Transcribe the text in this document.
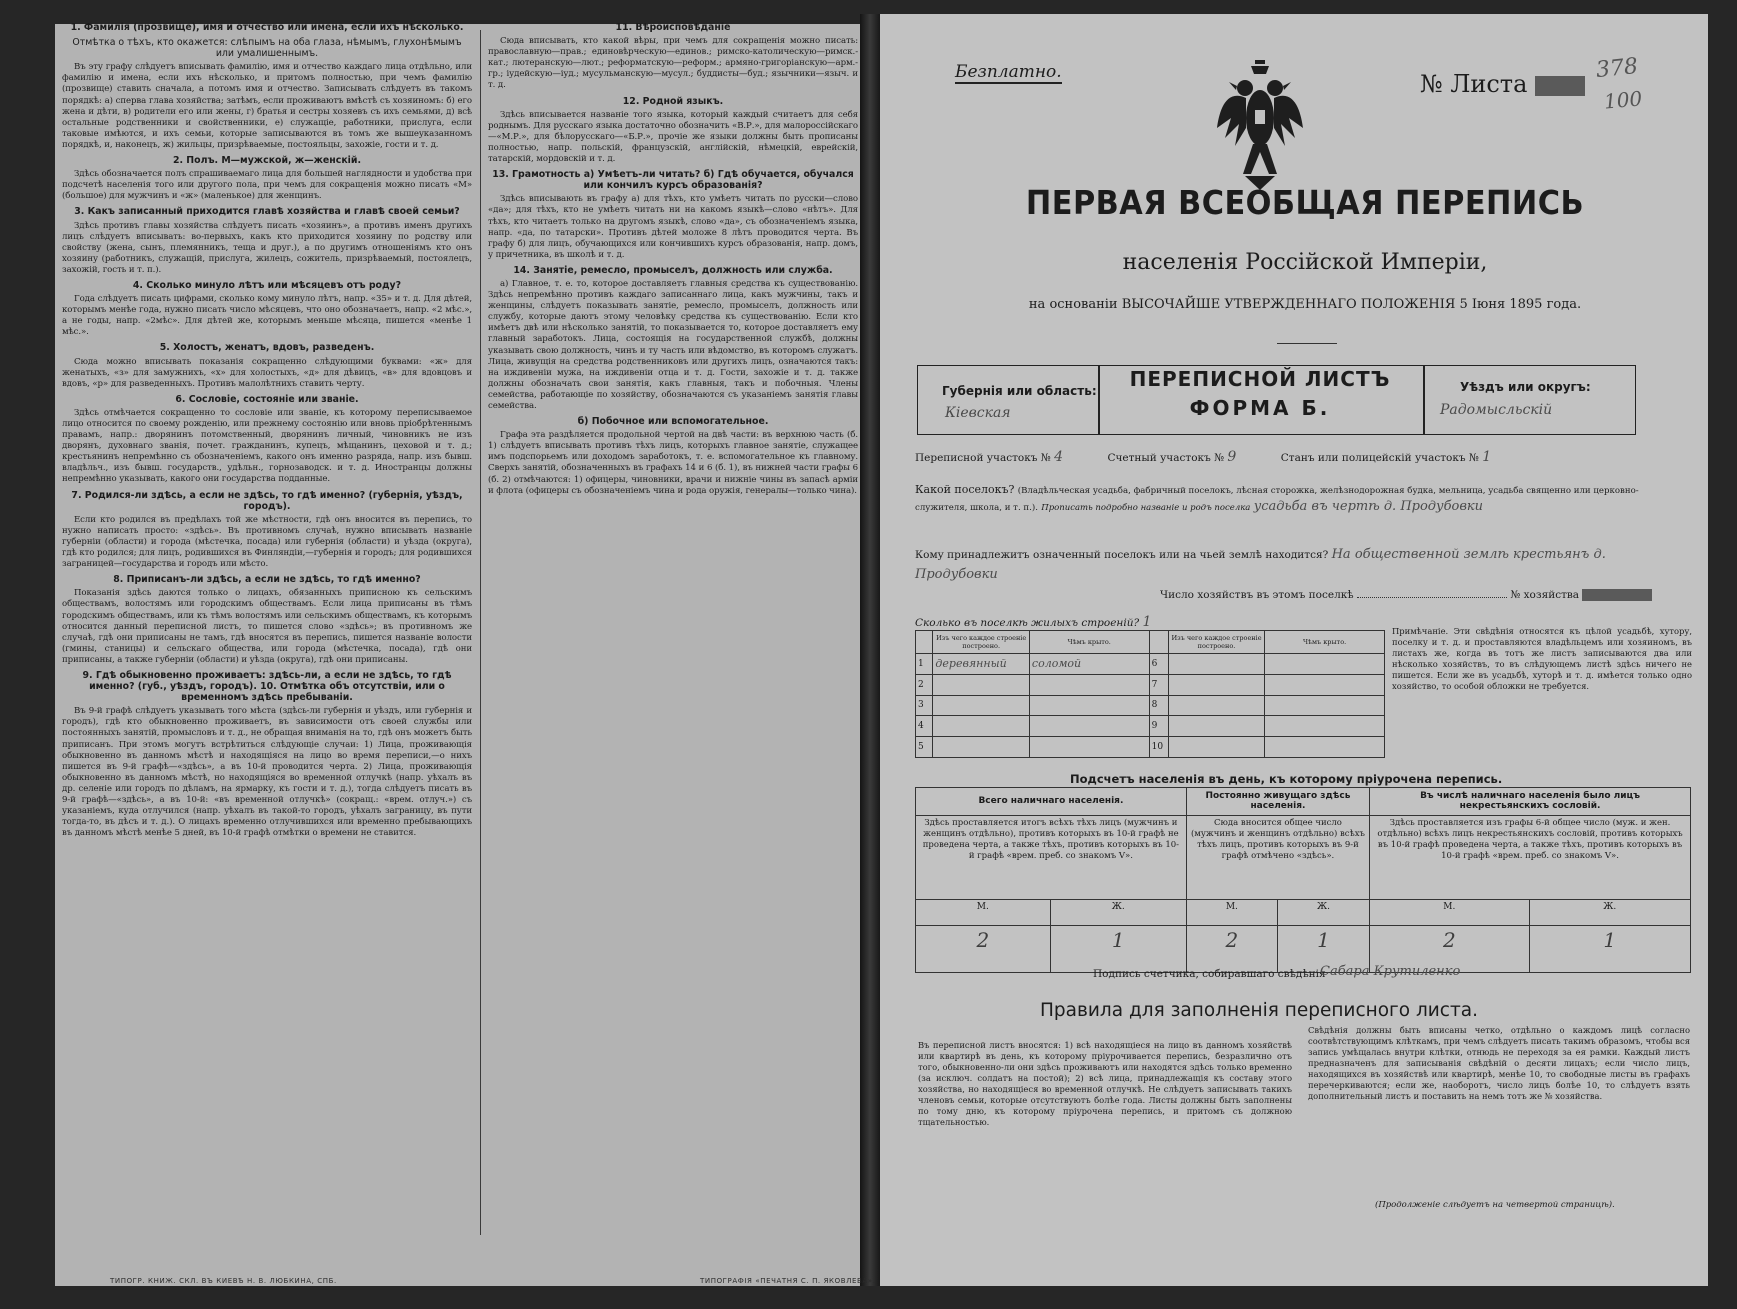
1. Фамилія (прозвище), имя и отчество или имена, если ихъ нѣсколько.
Отмѣтка о тѣхъ, кто окажется: слѣпымъ на оба глаза, нѣмымъ, глухонѣмымъ или умалишеннымъ.
Въ эту графу слѣдуетъ вписывать фамилію, имя и отчество каждаго лица отдѣльно, или фамилію и имена, если ихъ нѣсколько, и притомъ полностью, при чемъ фамилію (прозвище) ставить сначала, а потомъ имя и отчество. Записывать слѣдуетъ въ такомъ порядкѣ: а) сперва глава хозяйства; затѣмъ, если проживаютъ вмѣстѣ съ хозяиномъ: б) его жена и дѣти, в) родители его или жены, г) братья и сестры хозяевъ съ ихъ семьями, д) всѣ остальные родственники и свойственники, е) служащіе, работники, прислуга, если таковые имѣются, и ихъ семьи, которые записываются въ томъ же вышеуказанномъ порядкѣ, и, наконецъ, ж) жильцы, призрѣваемые, постояльцы, захожіе, гости и т. д.
2. Полъ. М—мужской, ж—женскій.
Здѣсь обозначается полъ спрашиваемаго лица для большей наглядности и удобства при подсчетѣ населенія того или другого пола, при чемъ для сокращенія можно писать «М» (большое) для мужчинъ и «ж» (маленькое) для женщинъ.
3. Какъ записанный приходится главѣ хозяйства и главѣ своей семьи?
Здѣсь противъ главы хозяйства слѣдуетъ писать «хозяинъ», а противъ именъ другихъ лицъ слѣдуетъ вписывать: во-первыхъ, какъ кто приходится хозяину по родству или свойству (жена, сынъ, племянникъ, теща и друг.), а по другимъ отношеніямъ кто онъ хозяину (работникъ, служащій, прислуга, жилецъ, сожитель, призрѣваемый, постоялецъ, захожій, гость и т. п.).
4. Сколько минуло лѣтъ или мѣсяцевъ отъ роду?
Года слѣдуетъ писать цифрами, сколько кому минуло лѣтъ, напр. «35» и т. д. Для дѣтей, которымъ менѣе года, нужно писать число мѣсяцевъ, что оно обозначаетъ, напр. «2 мѣс.», а не годы, напр. «2мѣс». Для дѣтей же, которымъ меньше мѣсяца, пишется «менѣе 1 мѣс.».
5. Холостъ, женатъ, вдовъ, разведенъ.
Сюда можно вписывать показанія сокращенно слѣдующими буквами: «ж» для женатыхъ, «з» для замужнихъ, «х» для холостыхъ, «д» для дѣвицъ, «в» для вдовцовъ и вдовъ, «р» для разведенныхъ. Противъ малолѣтнихъ ставить черту.
6. Сословіе, состояніе или званіе.
Здѣсь отмѣчается сокращенно то сословіе или званіе, къ которому переписываемое лицо относится по своему рожденію, или прежнему состоянію или вновь пріобрѣтеннымъ правамъ, напр.: дворянинъ потомственный, дворянинъ личный, чиновникъ не изъ дворянъ, духовнаго званія, почет. гражданинъ, купецъ, мѣщанинъ, цеховой и т. д.; крестьянинъ непремѣнно съ обозначеніемъ, какого онъ именно разряда, напр. изъ бывш. владѣльч., изъ бывш. государств., удѣльн., горнозаводск. и т. д. Иностранцы должны непремѣнно указывать, какого они государства подданные.
7. Родился-ли здѣсь, а если не здѣсь, то гдѣ именно? (губернія, уѣздъ, городъ).
Если кто родился въ предѣлахъ той же мѣстности, гдѣ онъ вносится въ перепись, то нужно написать просто: «здѣсь». Въ противномъ случаѣ, нужно вписывать названіе губерніи (области) и города (мѣстечка, посада) или губернія (области) и уѣзда (округа), гдѣ кто родился; для лицъ, родившихся въ Финляндіи,—губернія и городъ; для родившихся заграницей—государства и городъ или мѣсто.
8. Приписанъ-ли здѣсь, а если не здѣсь, то гдѣ именно?
Показанія здѣсь даются только о лицахъ, обязанныхъ приписною къ сельскимъ обществамъ, волостямъ или городскимъ обществамъ. Если лица приписаны въ тѣмъ городскимъ обществамъ, или къ тѣмъ волостямъ или сельскимъ обществамъ, къ которымъ относится данный переписной листъ, то пишется слово «здѣсь»; въ противномъ же случаѣ, гдѣ они приписаны не тамъ, гдѣ вносятся въ перепись, пишется названіе волости (гмины, станицы) и сельскаго общества, или города (мѣстечка, посада), гдѣ они приписаны, а также губерніи (области) и уѣзда (округа), гдѣ они приписаны.
9. Гдѣ обыкновенно проживаетъ: здѣсь-ли, а если не здѣсь, то гдѣ именно? (губ., уѣздъ, городъ). 10. Отмѣтка объ отсутствіи, или о временномъ здѣсь пребываніи.
Въ 9-й графѣ слѣдуетъ указывать того мѣста (здѣсь-ли губернія и уѣздъ, или губернія и городъ), гдѣ кто обыкновенно проживаетъ, въ зависимости отъ своей службы или постоянныхъ занятій, промысловъ и т. д., не обращая вниманія на то, гдѣ онъ можетъ быть приписанъ. При этомъ могутъ встрѣтиться слѣдующіе случаи: 1) Лица, проживающія обыкновенно въ данномъ мѣстѣ и находящіяся на лицо во время переписи,—о нихъ пишется въ 9-й графѣ—«здѣсь», а въ 10-й проводится черта. 2) Лица, проживающія обыкновенно въ данномъ мѣстѣ, но находящіяся во временной отлучкѣ (напр. уѣхалъ въ др. селеніе или городъ по дѣламъ, на ярмарку, къ гости и т. д.), тогда слѣдуетъ писать въ 9-й графѣ—«здѣсь», а въ 10-й: «въ временной отлучкѣ» (сокращ.: «врем. отлуч.») съ указаніемъ, куда отлучился (напр. уѣхалъ въ такой-то городъ, уѣхалъ заграницу, въ пути тогда-то, въ дѣсъ и т. д.). О лицахъ временно отлучившихся или временно пребывающихъ въ данномъ мѣстѣ менѣе 5 дней, въ 10-й графѣ отмѣтки о времени не ставится.
11. Вѣроисповѣданіе
Сюда вписывать, кто какой вѣры, при чемъ для сокращенія можно писать: православную—прав.; единовѣрческую—единов.; римско-католическую—римск.-кат.; лютеранскую—лют.; реформатскую—реформ.; армяно-григоріанскую—арм.-гр.; іудейскую—іуд.; мусульманскую—мусул.; буддисты—буд.; язычники—языч. и т. д.
12. Родной языкъ.
Здѣсь вписывается названіе того языка, который каждый считаетъ для себя роднымъ. Для русскаго языка достаточно обозначить «В.Р.», для малороссійскаго—«М.Р.», для бѣлорусскаго—«Б.Р.», прочіе же языки должны быть прописаны полностью, напр. польскій, французскій, англійскій, нѣмецкій, еврейскій, татарскій, мордовскій и т. д.
13. Грамотность а) Умѣетъ-ли читать? б) Гдѣ обучается, обучался или кончилъ курсъ образованія?
Здѣсь вписывають въ графу а) для тѣхъ, кто умѣетъ читать по русски—слово «да»; для тѣхъ, кто не умѣетъ читать ни на какомъ языкѣ—слово «нѣтъ». Для тѣхъ, кто читаетъ только на другомъ языкѣ, слово «да», съ обозначеніемъ языка, напр. «да, по татарски». Противъ дѣтей моложе 8 лѣтъ проводится черта. Въ графу б) для лицъ, обучающихся или кончившихъ курсъ образованія, напр. домъ, у причетника, въ школѣ и т. д.
14. Занятіе, ремесло, промыселъ, должность или служба.
а) Главное, т. е. то, которое доставляетъ главныя средства къ существованію. Здѣсь непремѣнно противъ каждаго записаннаго лица, какъ мужчины, такъ и женщины, слѣдуетъ показывать занятіе, ремесло, промыселъ, должность или службу, которые даютъ этому человѣку средства къ существованію. Если кто имѣетъ двѣ или нѣсколько занятій, то показывается то, которое доставляетъ ему главный заработокъ. Лица, состоящія на государственной службѣ, должны указывать свою должность, чинъ и ту часть или вѣдомство, въ которомъ служатъ. Лица, живущія на средства родственниковъ или другихъ лицъ, означаются такъ: на иждивеніи мужа, на иждивеніи отца и т. д. Гости, захожіе и т. д. также должны обозначать свои занятія, какъ главныя, такъ и побочныя. Члены семейства, работающіе по хозяйству, обозначаются съ указаніемъ занятія главы семейства.
б) Побочное или вспомогательное.
Графа эта раздѣляется продольной чертой на двѣ части: въ верхнюю часть (б. 1) слѣдуетъ вписывать противъ тѣхъ лицъ, которыхъ главное занятіе, служащее имъ подспорьемъ или доходомъ заработокъ, т. е. вспомогательное къ главному. Сверхъ занятій, обозначенныхъ въ графахъ 14 и 6 (б. 1), въ нижней части графы 6 (б. 2) отмѣчаются: 1) офицеры, чиновники, врачи и нижніе чины въ запасѣ арміи и флота (офицеры съ обозначеніемъ чина и рода оружія, генералы—только чина).
ТИПОГР. КНИЖ. СКЛ. ВЪ КИЕВѢ Н. В. ЛЮБКИНА, СПБ.	ТИПОГРАФІЯ «ПЕЧАТНЯ С. П. ЯКОВЛЕВА».
Безплатно.	№ Листа
378
100
ПЕРВАЯ ВСЕОБЩАЯ ПЕРЕПИСЬ
населенія Россійской Имперіи,
на основаніи ВЫСОЧАЙШЕ УТВЕРЖДЕННАГО ПОЛОЖЕНІЯ 5 Іюня 1895 года.
Губернія или область:
Кіевская
ПЕРЕПИСНОЙ ЛИСТЪ
ФОРМА Б.
Уѣздъ или округъ:
Радомысльскій
Переписной участокъ № 4	Счетный участокъ № 9	Станъ или полицейскій участокъ № 1
Какой поселокъ? (Владѣльческая усадьба, фабричный поселокъ, лѣсная сторожка, желѣзнодорожная будка, мельница, усадьба священно или церковно-служителя, школа, и т. п.). Прописать подробно названіе и родъ поселка усадьба въ чертѣ д. Продубовки
Кому принадлежитъ означенный поселокъ или на чьей землѣ находится? На общественной землѣ крестьянъ д. Продубовки
Число хозяйствъ въ этомъ поселкѣ	№ хозяйства
Сколько въ поселкѣ жилыхъ строеній? 1
	Изъ чего каждое строеніе построено.	Чѣмъ крыто.		Изъ чего каждое строеніе построено.	Чѣмъ крыто.
1	деревянный	соломой	6		
2			7		
3			8		
4			9		
5			10		
Примѣчаніе. Эти свѣдѣнія относятся къ цѣлой усадьбѣ, хутору, поселку и т. д. и проставляются владѣльцемъ или хозяиномъ, въ листахъ же, когда въ тотъ же листъ записываются два или нѣсколько хозяйствъ, то въ слѣдующемъ листѣ здѣсь ничего не пишется. Если же въ усадьбѣ, хуторѣ и т. д. имѣется только одно хозяйство, то особой обложки не требуется.
Подсчетъ населенія въ день, къ которому пріурочена перепись.
Всего наличнаго населенія.		Постоянно живущаго здѣсь населенія.		Въ числѣ наличнаго населенія было лицъ некрестьянскихъ сословій.	
Здѣсь проставляется итогъ всѣхъ тѣхъ лицъ (мужчинъ и женщинъ отдѣльно), противъ которыхъ въ 10-й графѣ не проведена черта, а также тѣхъ, противъ которыхъ въ 10-й графѣ «врем. преб. со знакомъ V».		Сюда вносится общее число (мужчинъ и женщинъ отдѣльно) всѣхъ тѣхъ лицъ, противъ которыхъ въ 9-й графѣ отмѣчено «здѣсь».		Здѣсь проставляется изъ графы 6-й общее число (муж. и жен. отдѣльно) всѣхъ лицъ некрестьянскихъ сословій, противъ которыхъ въ 10-й графѣ проведена черта, а также тѣхъ, противъ которыхъ въ 10-й графѣ «врем. преб. со знакомъ V».	
М.	Ж.	М.	Ж.	М.	Ж.
2	1	2	1	2	1
Подпись счетчика, собиравшаго свѣдѣнія
Сабара Крутиленко
Правила для заполненія переписного листа.
Въ переписной листъ вносятся: 1) всѣ находящіеся на лицо въ данномъ хозяйствѣ или квартирѣ въ день, къ которому пріурочивается перепись, безразлично отъ того, обыкновенно-ли они здѣсь проживаютъ или находятся здѣсь только временно (за исключ. солдатъ на постой); 2) всѣ лица, принадлежащія къ составу этого хозяйства, но находящіеся во временной отлучкѣ. Не слѣдуетъ записывать такихъ членовъ семьи, которые отсутствуютъ болѣе года. Листы должны быть заполнены по тому дню, къ которому пріурочена перепись, и притомъ съ должною тщательностью.
Свѣдѣнія должны быть вписаны четко, отдѣльно о каждомъ лицѣ согласно соотвѣтствующимъ клѣткамъ, при чемъ слѣдуетъ писать такимъ образомъ, чтобы вся запись умѣщалась внутри клѣтки, отнюдь не переходя за ея рамки. Каждый листъ предназначенъ для записыванія свѣдѣній о десяти лицахъ; если число лицъ, находящихся въ хозяйствѣ или квартирѣ, менѣе 10, то свободные листы въ графахъ перечеркиваются; если же, наоборотъ, число лицъ болѣе 10, то слѣдуетъ взять дополнительный листъ и поставить на немъ тотъ же № хозяйства.
(Продолженіе слѣдуетъ на четвертой страницѣ).
